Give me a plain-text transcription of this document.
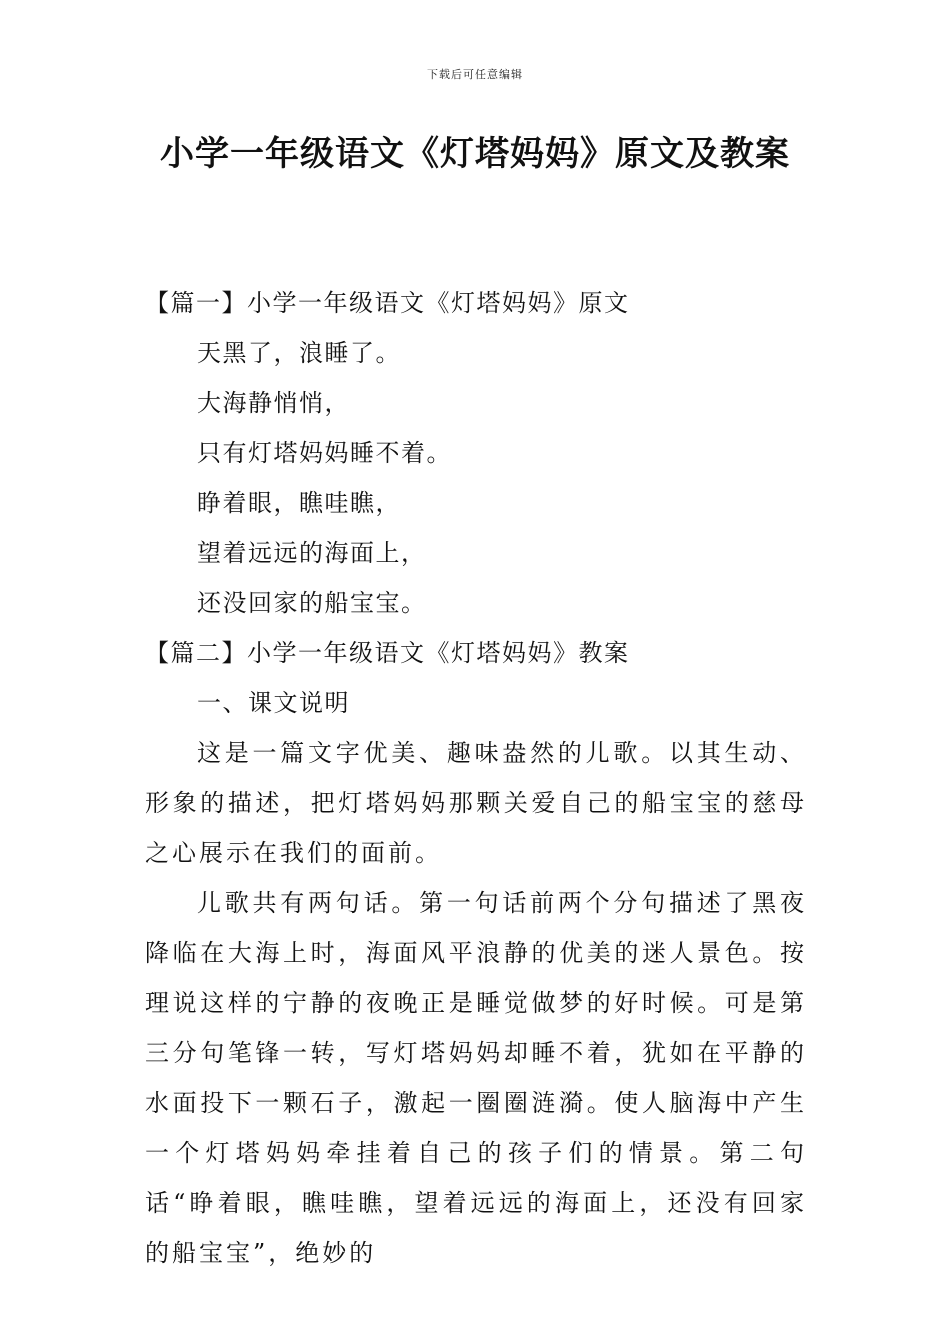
下载后可任意编辑
小学一年级语文《灯塔妈妈》原文及教案

【篇一】小学一年级语文《灯塔妈妈》原文

天黑了，浪睡了。

大海静悄悄，

只有灯塔妈妈睡不着。

睁着眼，瞧哇瞧，

望着远远的海面上，

还没回家的船宝宝。

【篇二】小学一年级语文《灯塔妈妈》教案

一、课文说明

这是一篇文字优美、趣味盎然的儿歌。以其生动、形象的描述，把灯塔妈妈那颗关爱自己的船宝宝的慈母之心展示在我们的面前。

儿歌共有两句话。第一句话前两个分句描述了黑夜降临在大海上时，海面风平浪静的优美的迷人景色。按理说这样的宁静的夜晚正是睡觉做梦的好时候。可是第三分句笔锋一转，写灯塔妈妈却睡不着，犹如在平静的水面投下一颗石子，激起一圈圈涟漪。使人脑海中产生一个灯塔妈妈牵挂着自己的孩子们的情景。第二句话“睁着眼，瞧哇瞧，望着远远的海面上，还没有回家的船宝宝”，绝妙的
